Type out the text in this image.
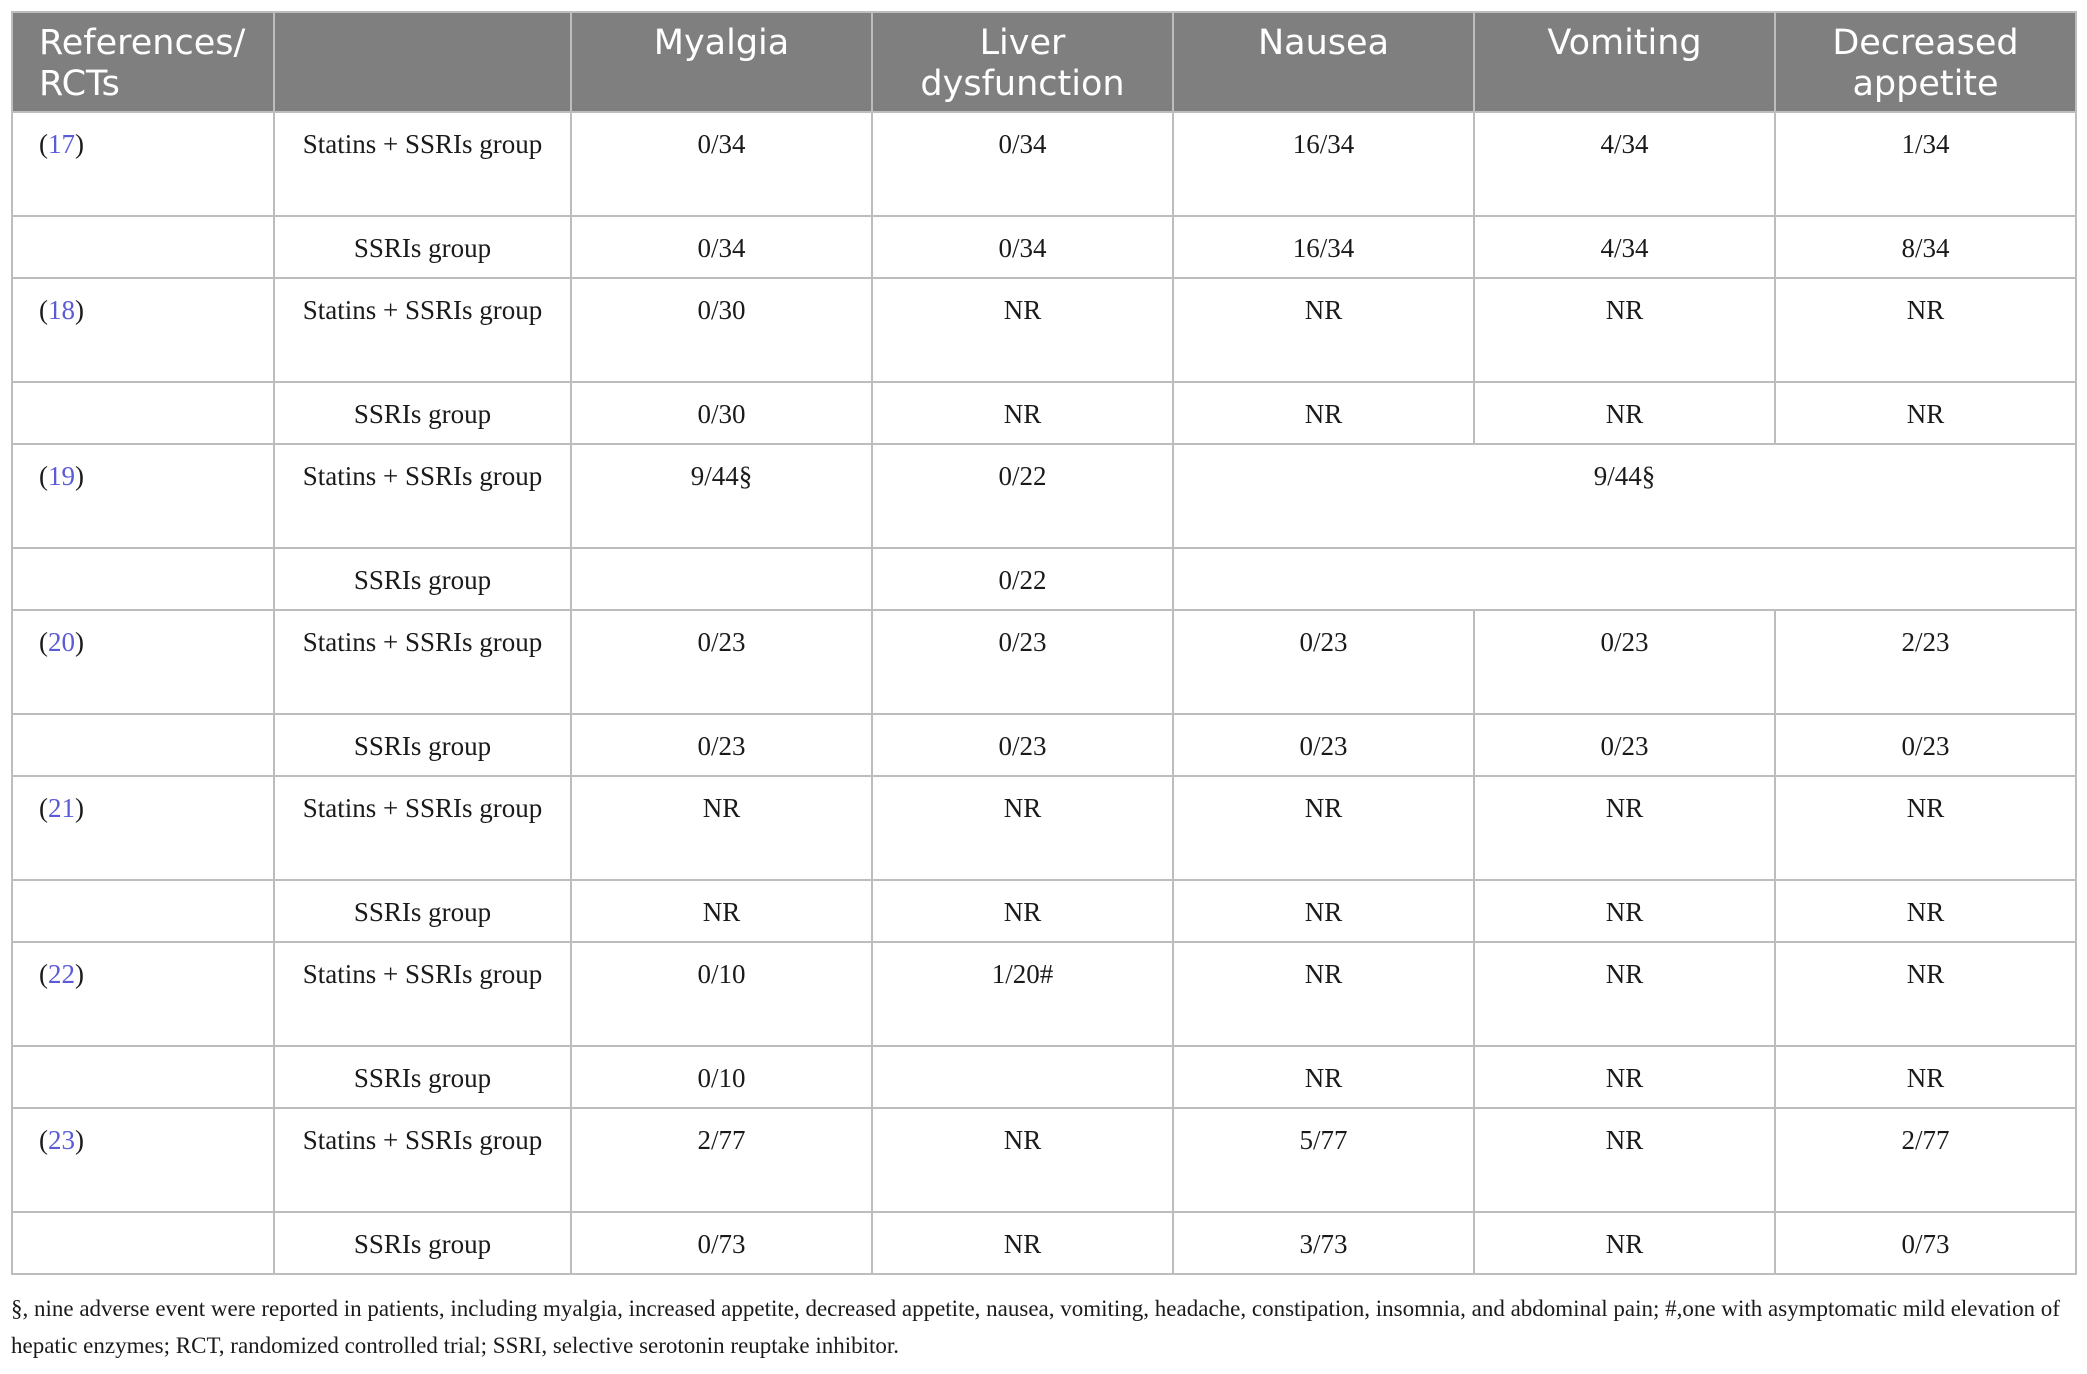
References/ RCTs		Myalgia	Liver dysfunction	Nausea	Vomiting	Decreased appetite
(17)	Statins + SSRIs group	0/34	0/34	16/34	4/34	1/34
	SSRIs group	0/34	0/34	16/34	4/34	8/34
(18)	Statins + SSRIs group	0/30	NR	NR	NR	NR
	SSRIs group	0/30	NR	NR	NR	NR
(19)	Statins + SSRIs group	9/44§	0/22	9/44§		
	SSRIs group		0/22			
(20)	Statins + SSRIs group	0/23	0/23	0/23	0/23	2/23
	SSRIs group	0/23	0/23	0/23	0/23	0/23
(21)	Statins + SSRIs group	NR	NR	NR	NR	NR
	SSRIs group	NR	NR	NR	NR	NR
(22)	Statins + SSRIs group	0/10	1/20#	NR	NR	NR
	SSRIs group	0/10		NR	NR	NR
(23)	Statins + SSRIs group	2/77	NR	5/77	NR	2/77
	SSRIs group	0/73	NR	3/73	NR	0/73
§, nine adverse event were reported in patients, including myalgia, increased appetite, decreased appetite, nausea, vomiting, headache, constipation, insomnia, and abdominal pain; #,one with asymptomatic mild elevation of hepatic enzymes; RCT, randomized controlled trial; SSRI, selective serotonin reuptake inhibitor.
